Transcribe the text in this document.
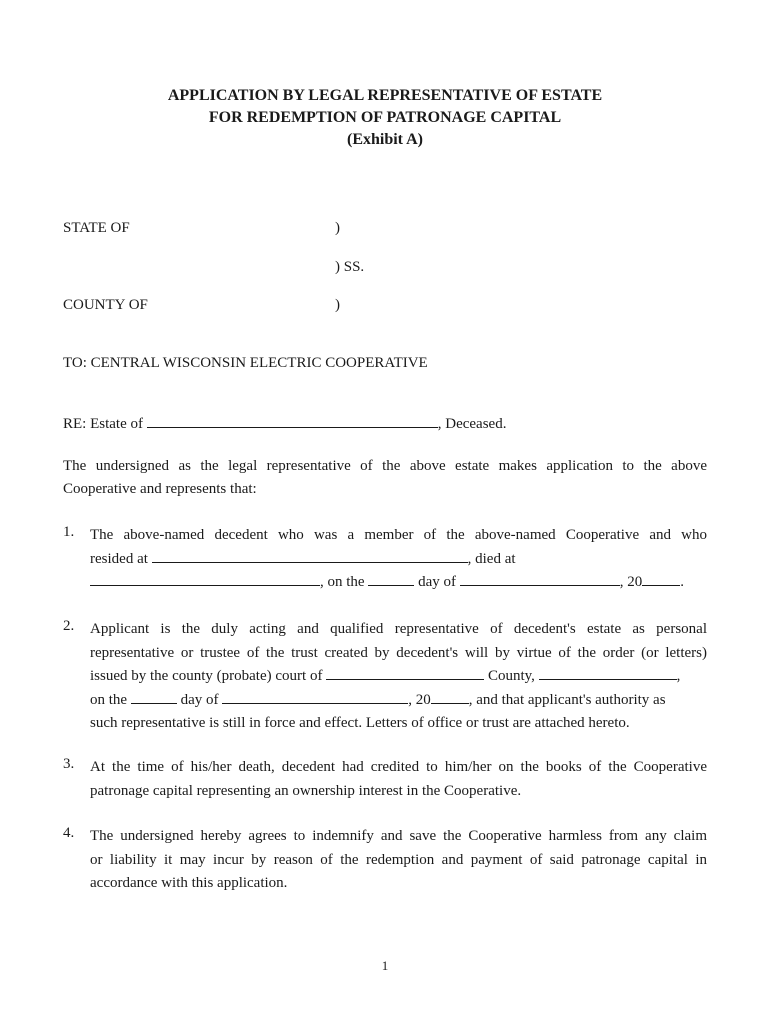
APPLICATION BY LEGAL REPRESENTATIVE OF ESTATE
FOR REDEMPTION OF PATRONAGE CAPITAL
(Exhibit A)
STATE OF	)
) SS.
COUNTY OF	)
TO: CENTRAL WISCONSIN ELECTRIC COOPERATIVE
RE: Estate of	, Deceased.
The undersigned as the legal representative of the above estate makes application to the above
Cooperative and represents that:
1. The above-named decedent who was a member of the above-named Cooperative and who
resided at	, died at
, on the	day of	, 20	.
2. Applicant is the duly acting and qualified representative of decedent's estate as personal
representative or trustee of the trust created by decedent's will by virtue of the order (or letters)
issued by the county (probate) court of	County,	,
on the	day of	, 20	, and that applicant's authority as
such representative is still in force and effect. Letters of office or trust are attached hereto.
3. At the time of his/her death, decedent had credited to him/her on the books of the Cooperative
patronage capital representing an ownership interest in the Cooperative.
4. The undersigned hereby agrees to indemnify and save the Cooperative harmless from any claim
or liability it may incur by reason of the redemption and payment of said patronage capital in
accordance with this application.
1
